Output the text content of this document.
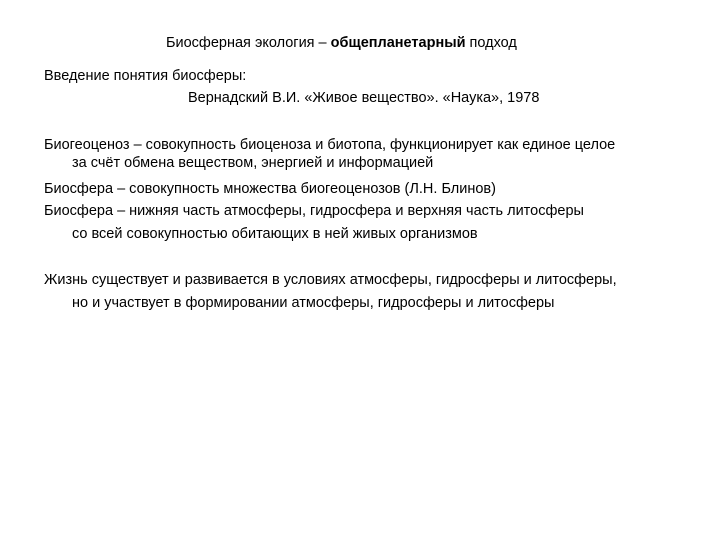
Биосферная экология – общепланетарный подход
Введение понятия биосферы:
Вернадский В.И. «Живое вещество». «Наука», 1978
Биогеоценоз – совокупность биоценоза и биотопа, функционирует как единое целое
за счёт обмена веществом, энергией и информацией
Биосфера – совокупность множества биогеоценозов (Л.Н. Блинов)
Биосфера – нижняя часть атмосферы, гидросфера и верхняя часть литосферы
со всей совокупностью обитающих в ней живых организмов
Жизнь существует и развивается в условиях атмосферы, гидросферы и литосферы,
но и участвует в формировании атмосферы, гидросферы и литосферы
